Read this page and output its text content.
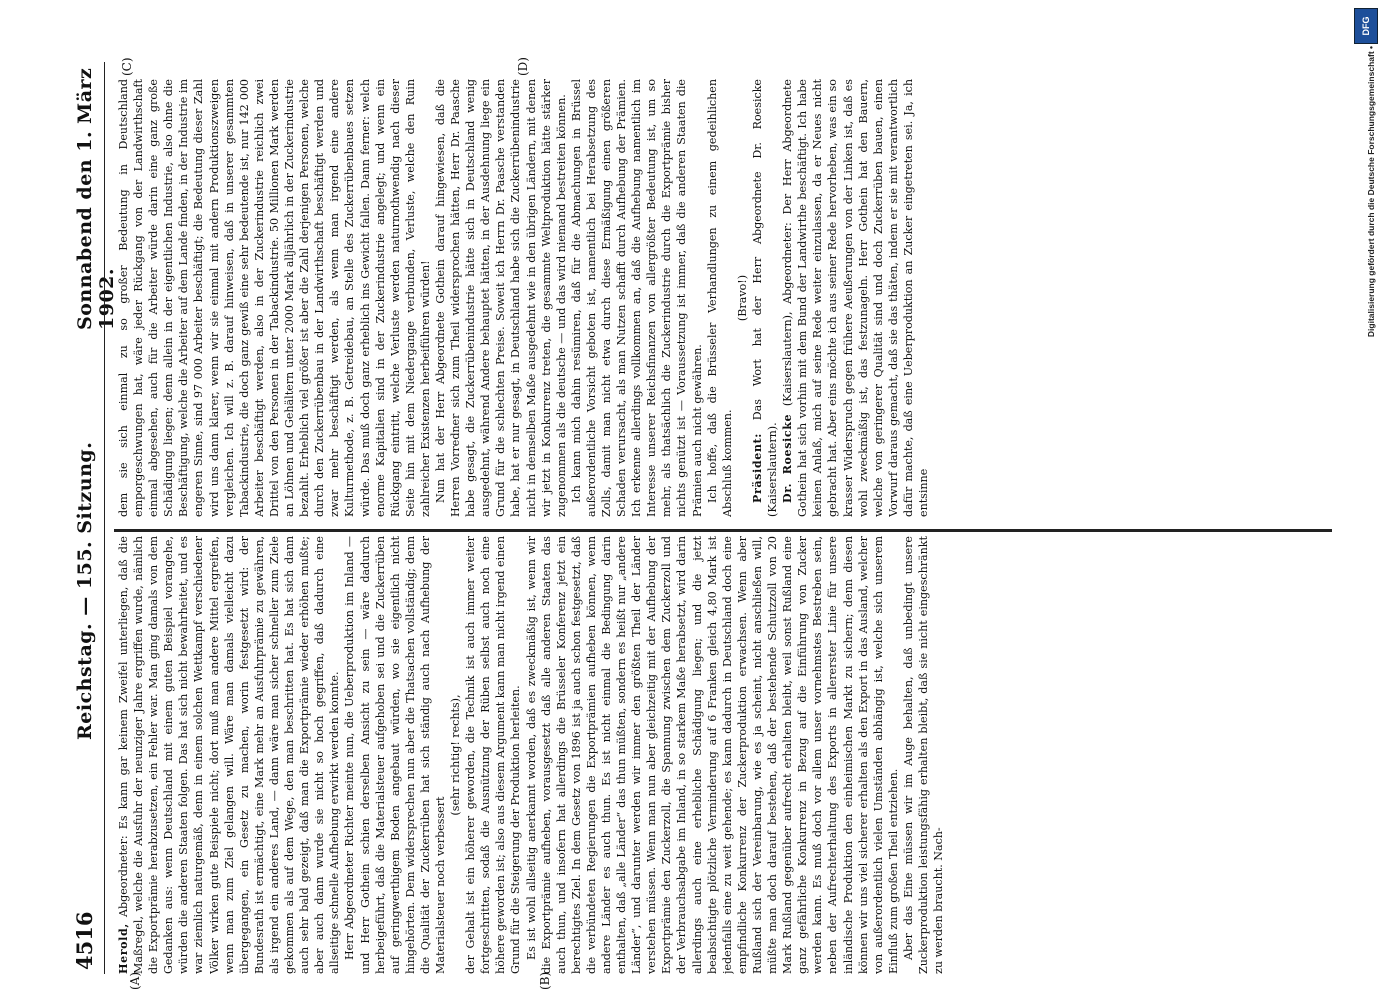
4516
Reichstag. — 155. Sitzung.
Sonnabend den 1. März 1902.
(A)	(B)
(C)	(D)

Herold, Abgeordneter: Es kann gar keinem Zweifel unterliegen, daß die Maßregel, welche die Ausfuhr der neunziger Jahre ergriffen wurde, nämlich die Exportprämie herabzusetzen, ein Fehler war. Man ging damals von dem Gedanken aus: wenn Deutschland mit einem guten Beispiel vorangehe, würden die anderen Staaten folgen. Das hat sich nicht bewahrheitet, und es war ziemlich naturgemäß, denn in einem solchen Wettkampf verschiedener Völker wirken gute Beispiele nicht; dort muß man andere Mittel ergreifen, wenn man zum Ziel gelangen will. Wäre man damals vielleicht dazu übergegangen, ein Gesetz zu machen, worin festgesetzt wird: der Bundesrath ist ermächtigt, eine Mark mehr an Ausfuhrprämie zu gewähren, als irgend ein anderes Land, — dann wäre man sicher schneller zum Ziele gekommen als auf dem Wege, den man beschritten hat. Es hat sich dann auch sehr bald gezeigt, daß man die Exportprämie wieder erhöhen mußte; aber auch dann wurde sie nicht so hoch gegriffen, daß dadurch eine allseitige schnelle Aufhebung erwirkt werden konnte. Herr Abgeordneter Richter meinte nun, die Ueberproduktion im Inland — und Herr Gothein schien derselben Ansicht zu sein — wäre dadurch herbeigeführt, daß die Materialsteuer aufgehoben sei und die Zuckerrüben auf geringwerthigem Boden angebaut würden, wo sie eigentlich nicht hingehörten. Dem widersprechen nun aber die Thatsachen vollständig; denn die Qualität der Zuckerrüben hat sich ständig auch nach Aufhebung der Materialsteuer noch verbessert

(sehr richtig! rechts), der Gehalt ist ein höherer geworden, die Technik ist auch immer weiter fortgeschritten, sodaß die Ausnützung der Rüben selbst auch noch eine höhere geworden ist; also aus diesem Argument kann man nicht irgend einen Grund für die Steigerung der Produktion herleiten. Es ist wohl allseitig anerkannt worden, daß es zweckmäßig ist, wenn wir die Exportprämie aufheben, vorausgesetzt daß alle anderen Staaten das auch thun, und insofern hat allerdings die Brüsseler Konferenz jetzt ein berechtigtes Ziel. In dem Gesetz von 1896 ist ja auch schon festgesetzt, daß die verbündeten Regierungen die Exportprämien aufheben können, wenn andere Länder es auch thun. Es ist nicht einmal die Bedingung darin enthalten, daß „alle Länder“ das thun müßten, sondern es heißt nur „andere Länder“, und darunter werden wir immer den größten Theil der Länder verstehen müssen. Wenn man nun aber gleichzeitig mit der Aufhebung der Exportprämie den Zuckerzoll, die Spannung zwischen dem Zuckerzoll und der Verbrauchsabgabe im Inland, in so starkem Maße herabsetzt, wird darin allerdings auch eine erhebliche Schädigung liegen; und die jetzt beabsichtigte plötzliche Verminderung auf 6 Franken gleich 4,80 Mark ist jedenfalls eine zu weit gehende; es kann dadurch in Deutschland doch eine empfindliche Konkurrenz der Zuckerproduktion erwachsen. Wenn aber Rußland sich der Vereinbarung, wie es ja scheint, nicht anschließen will, müßte man doch darauf bestehen, daß der bestehende Schutzzoll von 20 Mark Rußland gegenüber aufrecht erhalten bleibt, weil sonst Rußland eine ganz gefährliche Konkurrenz in Bezug auf die Einführung von Zucker werden kann. Es muß doch vor allem unser vornehmstes Bestreben sein, neben der Aufrechterhaltung des Exports in allererster Linie für unsere inländische Produktion den einheimischen Markt zu sichern; denn diesen können wir uns viel sicherer erhalten als den Export in das Ausland, welcher von außerordentlich vielen Umständen abhängig ist, welche sich unserem Einfluß zum großen Theil entziehen. Aber das Eine müssen wir im Auge behalten, daß unbedingt unsere Zuckerproduktion leistungsfähig erhalten bleibt, daß sie nicht eingeschränkt zu werden braucht. Nach-

dem sie sich einmal zu so großer Bedeutung in Deutschland emporgeschwungen hat, wäre jeder Rückgang von der Landwirthschaft einmal abgesehen, auch für die Arbeiter würde darin eine ganz große Schädigung liegen; denn allein in der eigentlichen Industrie, also ohne die Beschäftigung, welche die Arbeiter auf dem Lande finden, in der Industrie im engeren Sinne, sind 97 000 Arbeiter beschäftigt; die Bedeutung dieser Zahl wird uns dann klarer, wenn wir sie einmal mit andern Produktionszweigen vergleichen. Ich will z. B. darauf hinweisen, daß in unserer gesammten Tabackindustrie, die doch ganz gewiß eine sehr bedeutende ist, nur 142 000 Arbeiter beschäftigt werden, also in der Zuckerindustrie reichlich zwei Drittel von den Personen in der Tabackindustrie. 50 Millionen Mark werden an Löhnen und Gehältern unter 2000 Mark alljährlich in der Zuckerindustrie bezahlt. Erheblich viel größer ist aber die Zahl derjenigen Personen, welche durch den Zuckerrübenbau in der Landwirthschaft beschäftigt werden und zwar mehr beschäftigt werden, als wenn man irgend eine andere Kulturmethode, z. B. Getreidebau, an Stelle des Zuckerrübenbaues setzen würde. Das muß doch ganz erheblich ins Gewicht fallen. Dann ferner: welch enorme Kapitalien sind in der Zuckerindustrie angelegt; und wenn ein Rückgang eintritt, welche Verluste werden naturnothwendig nach dieser Seite hin mit dem Niedergange verbunden, Verluste, welche den Ruin zahlreicher Existenzen herbeiführen würden! Nun hat der Herr Abgeordnete Gothein darauf hingewiesen, daß die Herren Vorredner sich zum Theil widersprochen hätten, Herr Dr. Paasche habe gesagt, die Zuckerrübenindustrie hätte sich in Deutschland wenig ausgedehnt, während Andere behauptet hätten, in der Ausdehnung liege ein Grund für die schlechten Preise. Soweit ich Herrn Dr. Paasche verstanden habe, hat er nur gesagt, in Deutschland habe sich die Zuckerrübenindustrie nicht in demselben Maße ausgedehnt wie in den übrigen Ländern, mit denen wir jetzt in Konkurrenz treten, die gesammte Weltproduktion hätte stärker zugenommen als die deutsche — und das wird niemand bestreiten können. Ich kann mich dahin resümiren, daß für die Abmachungen in Brüssel außerordentliche Vorsicht geboten ist, namentlich bei Herabsetzung des Zolls, damit man nicht etwa durch diese Ermäßigung einen größeren Schaden verursacht, als man Nutzen schafft durch Aufhebung der Prämien. Ich erkenne allerdings vollkommen an, daß die Aufhebung namentlich im Interesse unserer Reichsfinanzen von allergrößter Bedeutung ist, um so mehr, als thatsächlich die Zuckerindustrie durch die Exportprämie bisher nichts genützt ist — Voraussetzung ist immer, daß die anderen Staaten die Prämien auch nicht gewähren. Ich hoffe, daß die Brüsseler Verhandlungen zu einem gedeihlichen Abschluß kommen.

(Bravo!)

Präsident: Das Wort hat der Herr Abgeordnete Dr. Roesicke (Kaiserslautern). Dr. Roesicke (Kaiserslautern), Abgeordneter: Der Herr Abgeordnete Gothein hat sich vorhin mit dem Bund der Landwirthe beschäftigt. Ich habe keinen Anlaß, mich auf seine Rede weiter einzulassen, da er Neues nicht gebracht hat. Aber eins möchte ich aus seiner Rede hervorheben, was ein so krasser Widerspruch gegen frühere Aeußerungen von der Linken ist, daß es wohl zweckmäßig ist, das festzunageln. Herr Gothein hat den Bauern, welche von geringerer Qualität sind und doch Zuckerrüben bauen, einen Vorwurf daraus gemacht, daß sie das thäten, indem er sie mit verantwortlich dafür machte, daß eine Ueberproduktion an Zucker eingetreten sei. Ja, ich entsinne

DFG
Digitalisierung gefördert durch die Deutsche Forschungsgemeinschaft •
